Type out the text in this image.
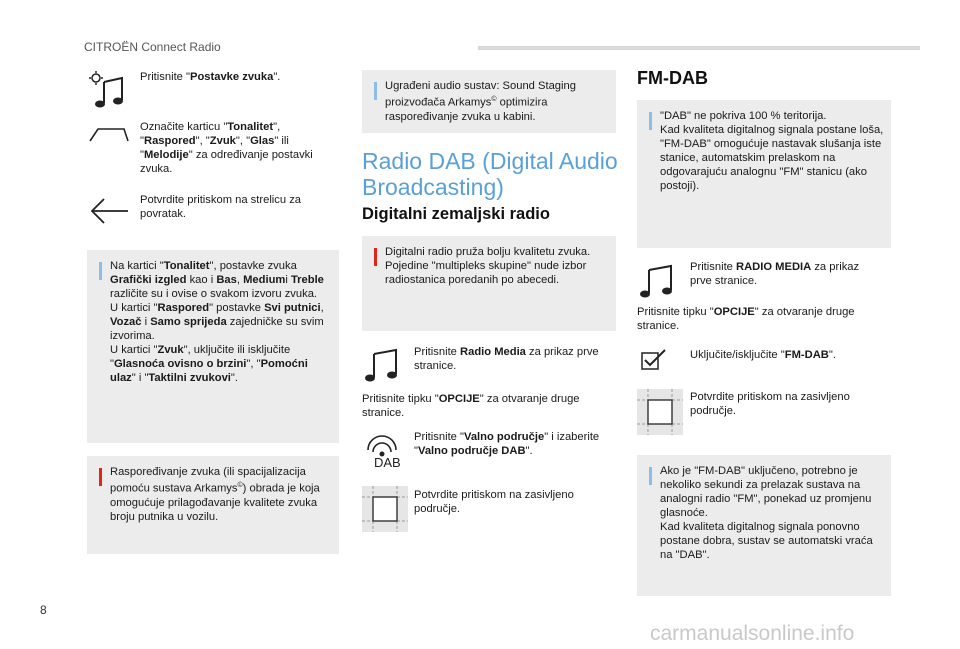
CITROËN Connect Radio
Pritisnite "Postavke zvuka".
Označite karticu "Tonalitet", "Raspored", "Zvuk", "Glas" ili "Melodije" za određivanje postavki zvuka.
Potvrdite pritiskom na strelicu za povratak.
Na kartici "Tonalitet", postavke zvuka Grafički izgled kao i Bas, Mediumi Treble različite su i ovise o svakom izvoru zvuka.
U kartici "Raspored" postavke Svi putnici, Vozač i Samo sprijeda zajedničke su svim izvorima.
U kartici "Zvuk", uključite ili isključite "Glasnoća ovisno o brzini", "Pomoćni ulaz" i "Taktilni zvukovi".
Raspoređivanje zvuka (ili spacijalizacija pomoću sustava Arkamys©) obrada je koja omogućuje prilagođavanje kvalitete zvuka broju putnika u vozilu.
Ugrađeni audio sustav: Sound Staging proizvođača Arkamys© optimizira raspoređivanje zvuka u kabini.
Radio DAB (Digital Audio
Broadcasting)
Digitalni zemaljski radio
Digitalni radio pruža bolju kvalitetu zvuka.
Pojedine "multipleks skupine" nude izbor radiostanica poredanih po abecedi.
Pritisnite Radio Media za prikaz prve stranice.
Pritisnite tipku "OPCIJE" za otvaranje druge stranice.
DAB
Pritisnite "Valno područje" i izaberite "Valno područje DAB".
Potvrdite pritiskom na zasivljeno područje.
FM-DAB
"DAB" ne pokriva 100 % teritorija.
Kad kvaliteta digitalnog signala postane loša, "FM-DAB" omogućuje nastavak slušanja iste stanice, automatskim prelaskom na odgovarajuću analognu "FM" stanicu (ako postoji).
Pritisnite RADIO MEDIA za prikaz prve stranice.
Pritisnite tipku "OPCIJE" za otvaranje druge stranice.
Uključite/isključite "FM-DAB".
Potvrdite pritiskom na zasivljeno područje.
Ako je "FM-DAB" uključeno, potrebno je nekoliko sekundi za prelazak sustava na analogni radio "FM", ponekad uz promjenu glasnoće.
Kad kvaliteta digitalnog signala ponovno postane dobra, sustav se automatski vraća na "DAB".
8
carmanualsonline.info
